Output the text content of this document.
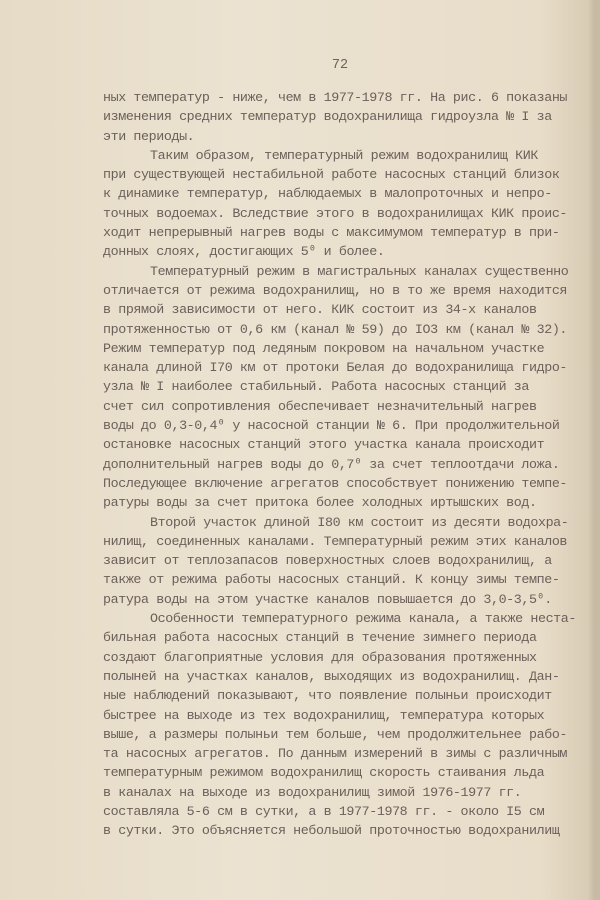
72
ных температур - ниже, чем в 1977-1978 гг. На рис. 6 показаны
изменения средних температур водохранилища гидроузла № I за
эти периоды.
Таким образом, температурный режим водохранилищ КИК
при существующей нестабильной работе насосных станций близок
к динамике температур, наблюдаемых в малопроточных и непро-
точных водоемах. Вследствие этого в водохранилищах КИК проис-
ходит непрерывный нагрев воды с максимумом температур в при-
донных слоях, достигающих 5⁰ и более.
Температурный режим в магистральных каналах существенно
отличается от режима водохранилищ, но в то же время находится
в прямой зависимости от него. КИК состоит из 34-х каналов
протяженностью от 0,6 км (канал № 59) до IO3 км (канал № 32).
Режим температур под ледяным покровом на начальном участке
канала длиной I70 км от протоки Белая до водохранилища гидро-
узла № I наиболее стабильный. Работа насосных станций за
счет сил сопротивления обеспечивает незначительный нагрев
воды до 0,3-0,4⁰ у насосной станции № 6. При продолжительной
остановке насосных станций этого участка канала происходит
дополнительный нагрев воды до 0,7⁰ за счет теплоотдачи ложа.
Последующее включение агрегатов способствует понижению темпе-
ратуры воды за счет притока более холодных иртышских вод.
Второй участок длиной I80 км состоит из десяти водохра-
нилищ, соединенных каналами. Температурный режим этих каналов
зависит от теплозапасов поверхностных слоев водохранилищ, а
также от режима работы насосных станций. К концу зимы темпе-
ратура воды на этом участке каналов повышается до 3,0-3,5⁰.
Особенности температурного режима канала, а также неста-
бильная работа насосных станций в течение зимнего периода
создают благоприятные условия для образования протяженных
полыней на участках каналов, выходящих из водохранилищ. Дан-
ные наблюдений показывают, что появление полыньи происходит
быстрее на выходе из тех водохранилищ, температура которых
выше, а размеры полыньи тем больше, чем продолжительнее рабо-
та насосных агрегатов. По данным измерений в зимы с различным
температурным режимом водохранилищ скорость стаивания льда
в каналах на выходе из водохранилищ зимой 1976-1977 гг.
составляла 5-6 см в сутки, а в 1977-1978 гг. - около I5 см
в сутки. Это объясняется небольшой проточностью водохранилищ
